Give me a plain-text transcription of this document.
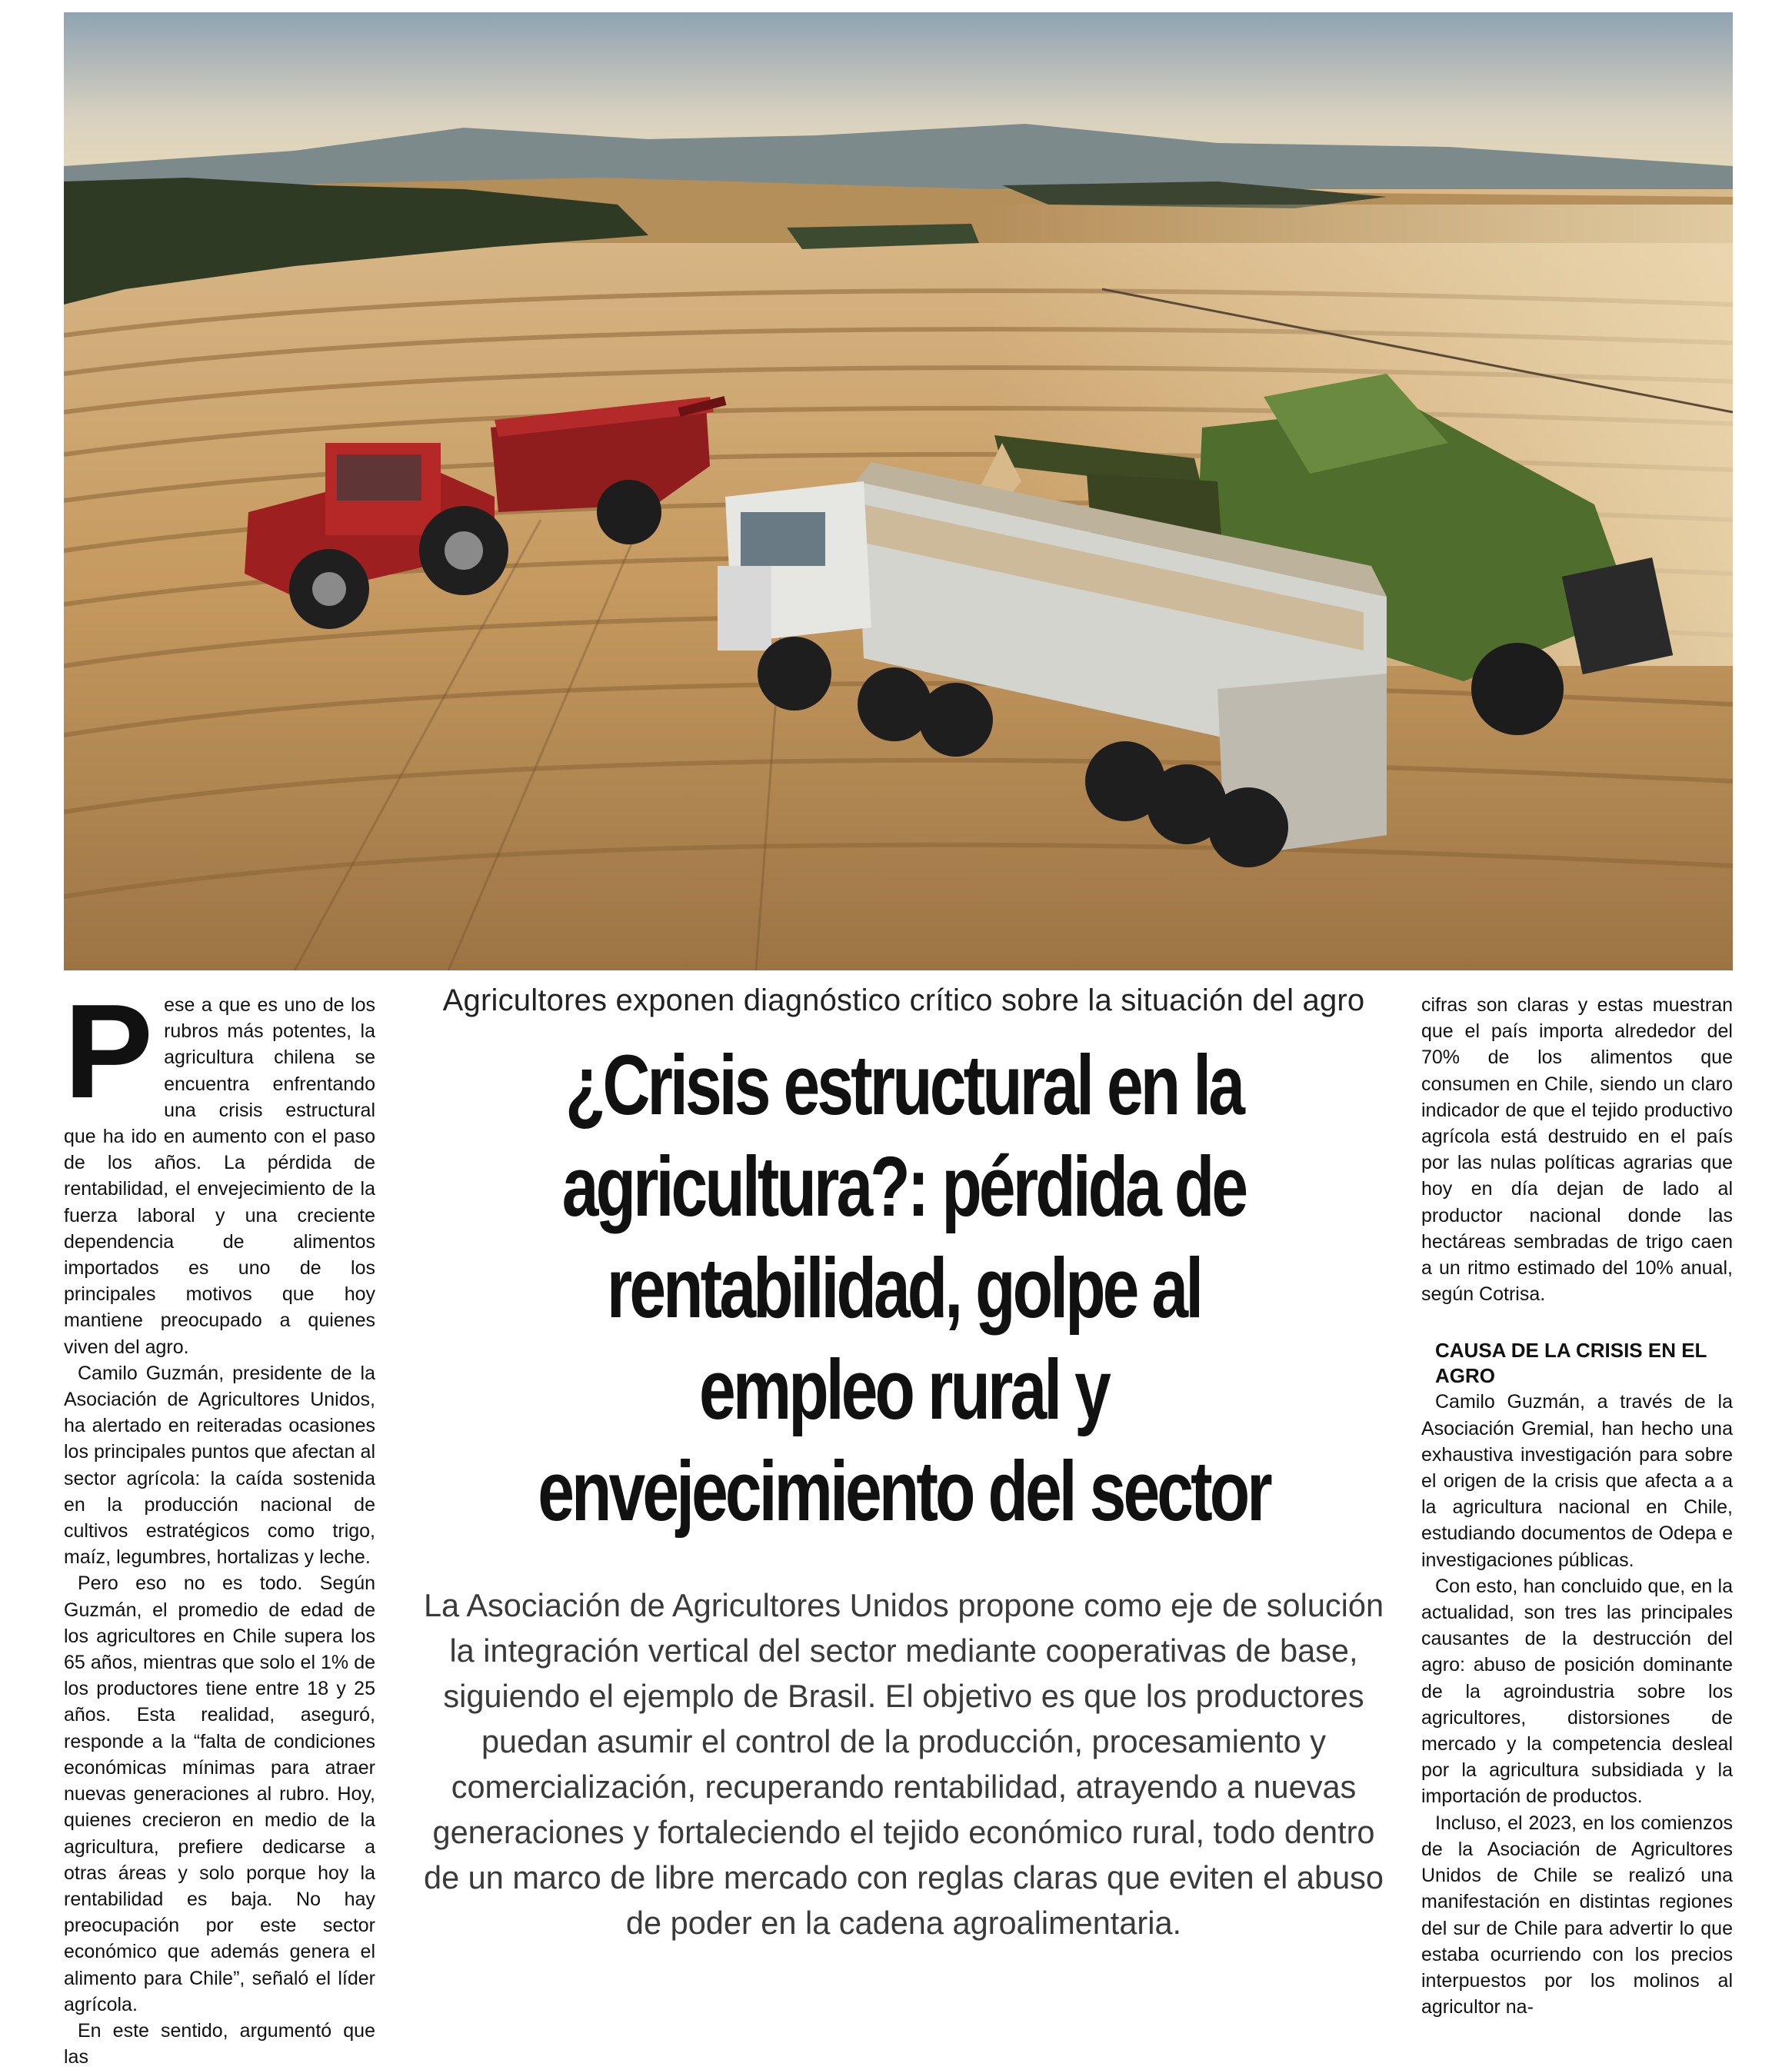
P ese a que es uno de los rubros más potentes, la agricultura chilena se encuentra enfrentando una crisis estructural que ha ido en aumento con el paso de los años. La pérdida de rentabilidad, el envejecimiento de la fuerza laboral y una creciente dependencia de alimentos importados es uno de los principales motivos que hoy mantiene preocupado a quienes viven del agro.

Camilo Guzmán, presidente de la Asociación de Agricultores Unidos, ha alertado en reiteradas ocasiones los principales puntos que afectan al sector agrícola: la caída sostenida en la producción nacional de cultivos estratégicos como trigo, maíz, legumbres, hortalizas y leche.

Pero eso no es todo. Según Guzmán, el promedio de edad de los agricultores en Chile supera los 65 años, mientras que solo el 1% de los productores tiene entre 18 y 25 años. Esta realidad, aseguró, responde a la “falta de condiciones económicas mínimas para atraer nuevas generaciones al rubro. Hoy, quienes crecieron en medio de la agricultura, prefiere dedicarse a otras áreas y solo porque hoy la rentabilidad es baja. No hay preocupación por este sector económico que además genera el alimento para Chile”, señaló el líder agrícola.

En este sentido, argumentó que las

Agricultores exponen diagnóstico crítico sobre la situación del agro
¿Crisis estructural en la agricultura?: pérdida de rentabilidad, golpe al empleo rural y envejecimiento del sector
La Asociación de Agricultores Unidos propone como eje de solución la integración vertical del sector mediante cooperativas de base, siguiendo el ejemplo de Brasil. El objetivo es que los productores puedan asumir el control de la producción, procesamiento y comercialización, recuperando rentabilidad, atrayendo a nuevas generaciones y fortaleciendo el tejido económico rural, todo dentro de un marco de libre mercado con reglas claras que eviten el abuso de poder en la cadena agroalimentaria.

cifras son claras y estas muestran que el país importa alrededor del 70% de los alimentos que consumen en Chile, siendo un claro indicador de que el tejido productivo agrícola está destruido en el país por las nulas políticas agrarias que hoy en día dejan de lado al productor nacional donde las hectáreas sembradas de trigo caen a un ritmo estimado del 10% anual, según Cotrisa.

CAUSA DE LA CRISIS EN EL AGRO

Camilo Guzmán, a través de la Asociación Gremial, han hecho una exhaustiva investigación para sobre el origen de la crisis que afecta a a la agricultura nacional en Chile, estudiando documentos de Odepa e investigaciones públicas.

Con esto, han concluido que, en la actualidad, son tres las principales causantes de la destrucción del agro: abuso de posición dominante de la agroindustria sobre los agricultores, distorsiones de mercado y la competencia desleal por la agricultura subsidiada y la importación de productos.

Incluso, el 2023, en los comienzos de la Asociación de Agricultores Unidos de Chile se realizó una manifestación en distintas regiones del sur de Chile para advertir lo que estaba ocurriendo con los precios interpuestos por los molinos al agricultor na-
